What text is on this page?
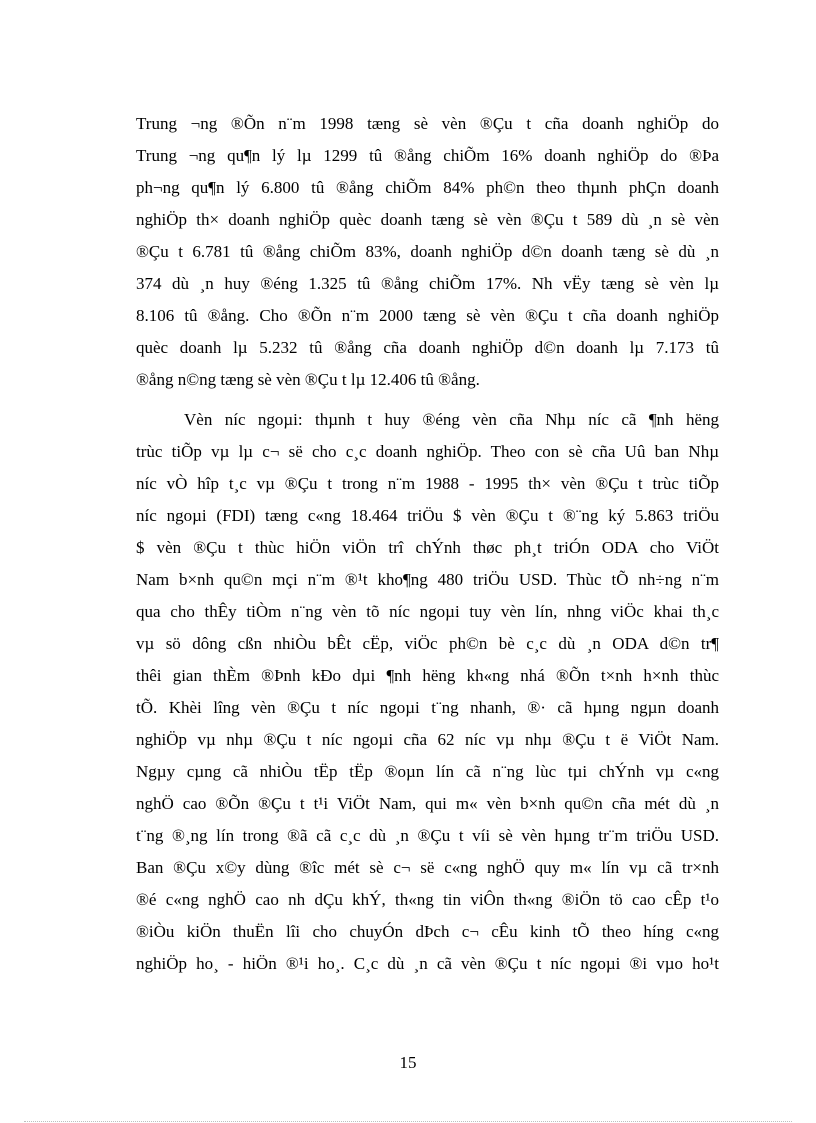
Trung ¬ng ®Õn n¨m 1998 tæng sè vèn ®Çu t cña doanh nghiÖp do
Trung ¬ng qu¶n lý lµ 1299 tû ®ång chiÕm 16% doanh nghiÖp do ®Þa
ph¬ng qu¶n lý 6.800 tû ®ång chiÕm 84% ph©n theo thµnh phÇn doanh
nghiÖp th× doanh nghiÖp quèc doanh tæng sè vèn ®Çu t 589 dù ¸n sè vèn
®Çu t 6.781 tû ®ång chiÕm 83%, doanh nghiÖp d©n doanh tæng sè dù ¸n
374 dù ¸n huy ®éng 1.325 tû ®ång chiÕm 17%. Nh vËy tæng sè vèn lµ
8.106 tû ®ång. Cho ®Õn n¨m 2000 tæng sè vèn ®Çu t cña doanh nghiÖp
quèc doanh lµ 5.232 tû ®ång cña doanh nghiÖp d©n doanh lµ 7.173 tû
®ång n©ng tæng sè vèn ®Çu t lµ 12.406 tû ®ång.

Vèn níc ngoµi: thµnh t huy ®éng vèn cña Nhµ níc cã ¶nh hëng
trùc tiÕp vµ lµ c¬ së cho c¸c doanh nghiÖp. Theo con sè cña Uû ban Nhµ
níc vÒ hîp t¸c vµ ®Çu t trong n¨m 1988 - 1995 th× vèn ®Çu t trùc tiÕp
níc ngoµi (FDI) tæng c«ng 18.464 triÖu $ vèn ®Çu t ®¨ng ký 5.863 triÖu
$ vèn ®Çu t thùc hiÖn viÖn trî chÝnh thøc ph¸t triÓn ODA cho ViÖt
Nam b×nh qu©n mçi n¨m ®¹t kho¶ng 480 triÖu USD. Thùc tÕ nh÷ng n¨m
qua cho thÊy tiÒm n¨ng vèn tõ níc ngoµi tuy vèn lín, nhng viÖc khai th¸c
vµ sö dông cßn nhiÒu bÊt cËp, viÖc ph©n bè c¸c dù ¸n ODA d©n tr¶
thêi gian thÈm ®Þnh kÐo dµi ¶nh hëng kh«ng nhá ®Õn t×nh h×nh thùc
tÕ. Khèi lîng vèn ®Çu t níc ngoµi t¨ng nhanh, ®· cã hµng ngµn doanh
nghiÖp vµ nhµ ®Çu t níc ngoµi cña 62 níc vµ nhµ ®Çu t ë ViÖt Nam.
Ngµy cµng cã nhiÒu tËp tËp ®oµn lín cã n¨ng lùc tµi chÝnh vµ c«ng
nghÖ cao ®Õn ®Çu t t¹i ViÖt Nam, qui m« vèn b×nh qu©n cña mét dù ¸n
t¨ng ®¸ng lín trong ®ã cã c¸c dù ¸n ®Çu t víi sè vèn hµng tr¨m triÖu USD.
Ban ®Çu x©y dùng ®îc mét sè c¬ së c«ng nghÖ quy m« lín vµ cã tr×nh
®é c«ng nghÖ cao nh dÇu khÝ, th«ng tin viÔn th«ng ®iÖn tö cao cÊp t¹o
®iÒu kiÖn thuËn lîi cho chuyÓn dÞch c¬ cÊu kinh tÕ theo híng c«ng
nghiÖp ho¸ - hiÖn ®¹i ho¸. C¸c dù ¸n cã vèn ®Çu t níc ngoµi ®i vµo ho¹t

15
